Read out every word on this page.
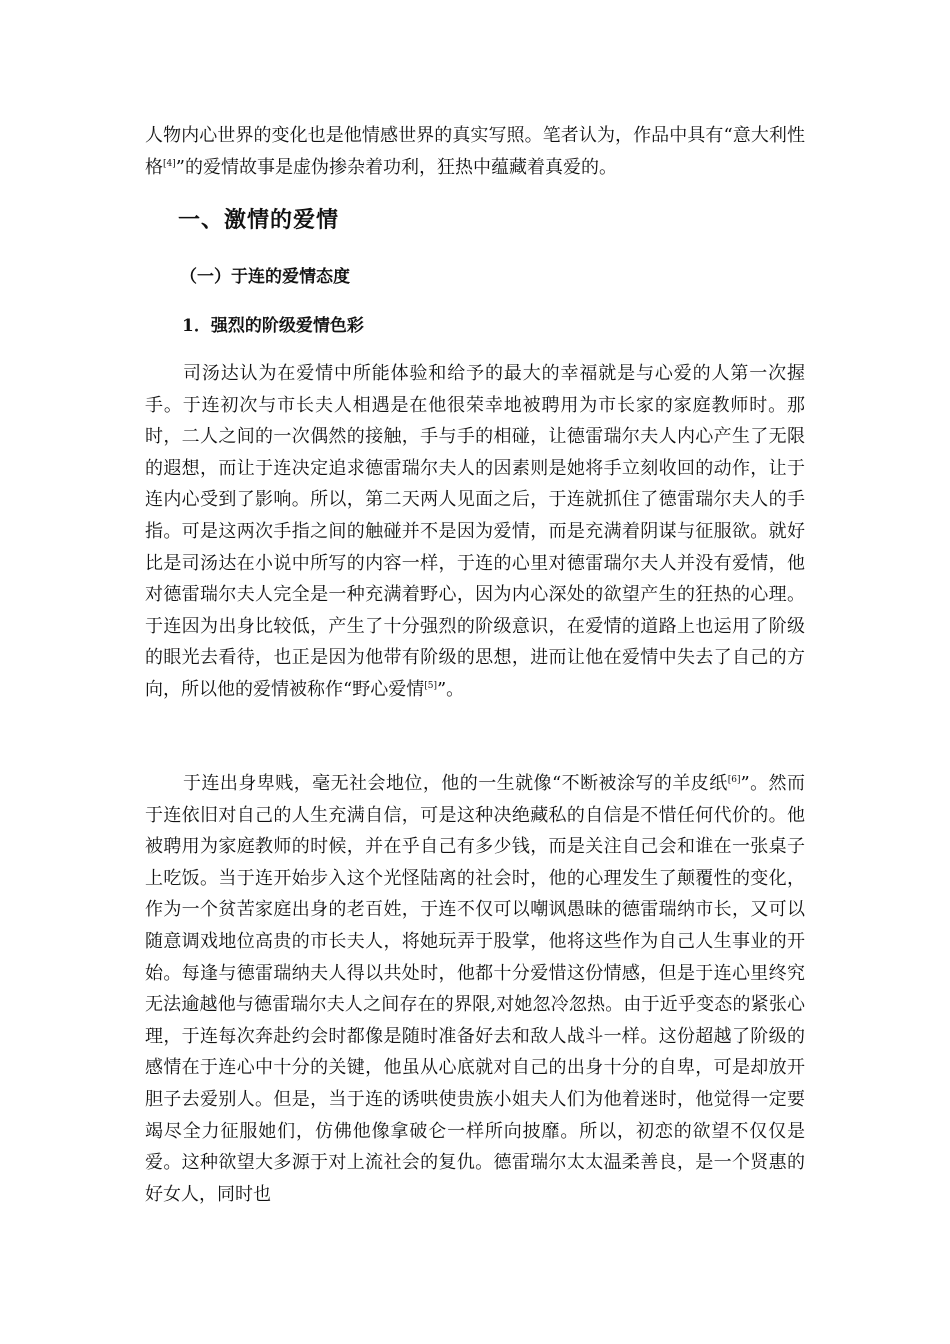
人物内心世界的变化也是他情感世界的真实写照。笔者认为，作品中具有“意大利性格[4]”的爱情故事是虚伪掺杂着功利，狂热中蕴藏着真爱的。

一、激情的爱情
（一）于连的爱情态度
1．强烈的阶级爱情色彩

司汤达认为在爱情中所能体验和给予的最大的幸福就是与心爱的人第一次握手。于连初次与市长夫人相遇是在他很荣幸地被聘用为市长家的家庭教师时。那时，二人之间的一次偶然的接触，手与手的相碰，让德雷瑞尔夫人内心产生了无限的遐想，而让于连决定追求德雷瑞尔夫人的因素则是她将手立刻收回的动作，让于连内心受到了影响。所以，第二天两人见面之后，于连就抓住了德雷瑞尔夫人的手指。可是这两次手指之间的触碰并不是因为爱情，而是充满着阴谋与征服欲。就好比是司汤达在小说中所写的内容一样，于连的心里对德雷瑞尔夫人并没有爱情，他对德雷瑞尔夫人完全是一种充满着野心，因为内心深处的欲望产生的狂热的心理。于连因为出身比较低，产生了十分强烈的阶级意识，在爱情的道路上也运用了阶级的眼光去看待，也正是因为他带有阶级的思想，进而让他在爱情中失去了自己的方向，所以他的爱情被称作“野心爱情[5]”。

于连出身卑贱，毫无社会地位，他的一生就像“不断被涂写的羊皮纸[6]”。然而于连依旧对自己的人生充满自信，可是这种决绝藏私的自信是不惜任何代价的。他被聘用为家庭教师的时候，并在乎自己有多少钱，而是关注自己会和谁在一张桌子上吃饭。当于连开始步入这个光怪陆离的社会时，他的心理发生了颠覆性的变化，作为一个贫苦家庭出身的老百姓，于连不仅可以嘲讽愚昧的德雷瑞纳市长，又可以随意调戏地位高贵的市长夫人，将她玩弄于股掌，他将这些作为自己人生事业的开始。每逢与德雷瑞纳夫人得以共处时，他都十分爱惜这份情感，但是于连心里终究无法逾越他与德雷瑞尔夫人之间存在的界限,对她忽冷忽热。由于近乎变态的紧张心理，于连每次奔赴约会时都像是随时准备好去和敌人战斗一样。这份超越了阶级的感情在于连心中十分的关键，他虽从心底就对自己的出身十分的自卑，可是却放开胆子去爱别人。但是，当于连的诱哄使贵族小姐夫人们为他着迷时，他觉得一定要竭尽全力征服她们，仿佛他像拿破仑一样所向披靡。所以，初恋的欲望不仅仅是爱。这种欲望大多源于对上流社会的复仇。德雷瑞尔太太温柔善良，是一个贤惠的好女人，同时也
